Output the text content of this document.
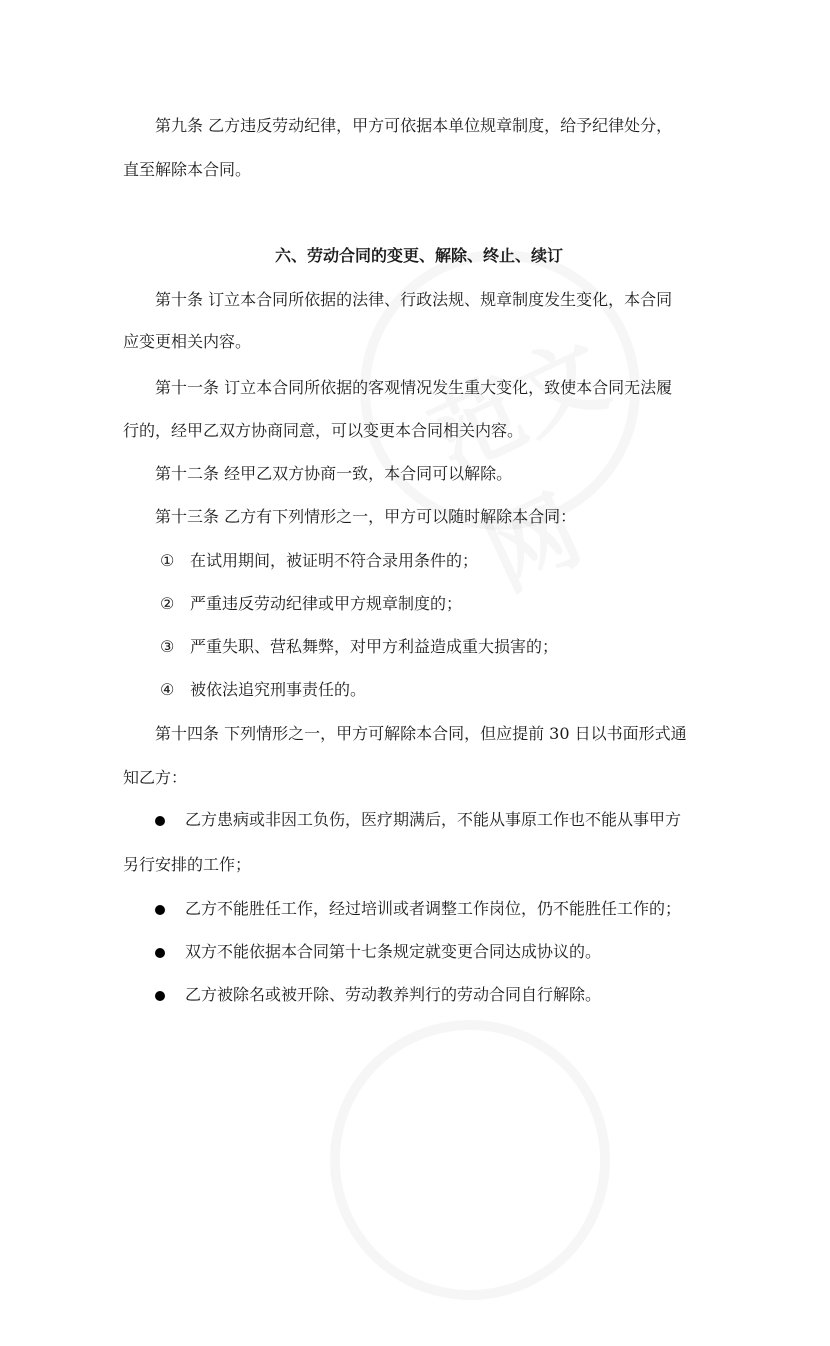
第九条 乙方违反劳动纪律，甲方可依据本单位规章制度，给予纪律处分，
直至解除本合同。
六、劳动合同的变更、解除、终止、续订
第十条 订立本合同所依据的法律、行政法规、规章制度发生变化，本合同
应变更相关内容。
第十一条 订立本合同所依据的客观情况发生重大变化，致使本合同无法履
行的，经甲乙双方协商同意，可以变更本合同相关内容。
第十二条 经甲乙双方协商一致，本合同可以解除。
第十三条 乙方有下列情形之一，甲方可以随时解除本合同：
① 在试用期间，被证明不符合录用条件的；
② 严重违反劳动纪律或甲方规章制度的；
③ 严重失职、营私舞弊，对甲方利益造成重大损害的；
④ 被依法追究刑事责任的。
第十四条 下列情形之一，甲方可解除本合同，但应提前 30 日以书面形式通
知乙方：
乙方患病或非因工负伤，医疗期满后，不能从事原工作也不能从事甲方
另行安排的工作；
乙方不能胜任工作，经过培训或者调整工作岗位，仍不能胜任工作的；
双方不能依据本合同第十七条规定就变更合同达成协议的。
乙方被除名或被开除、劳动教养判行的劳动合同自行解除。
